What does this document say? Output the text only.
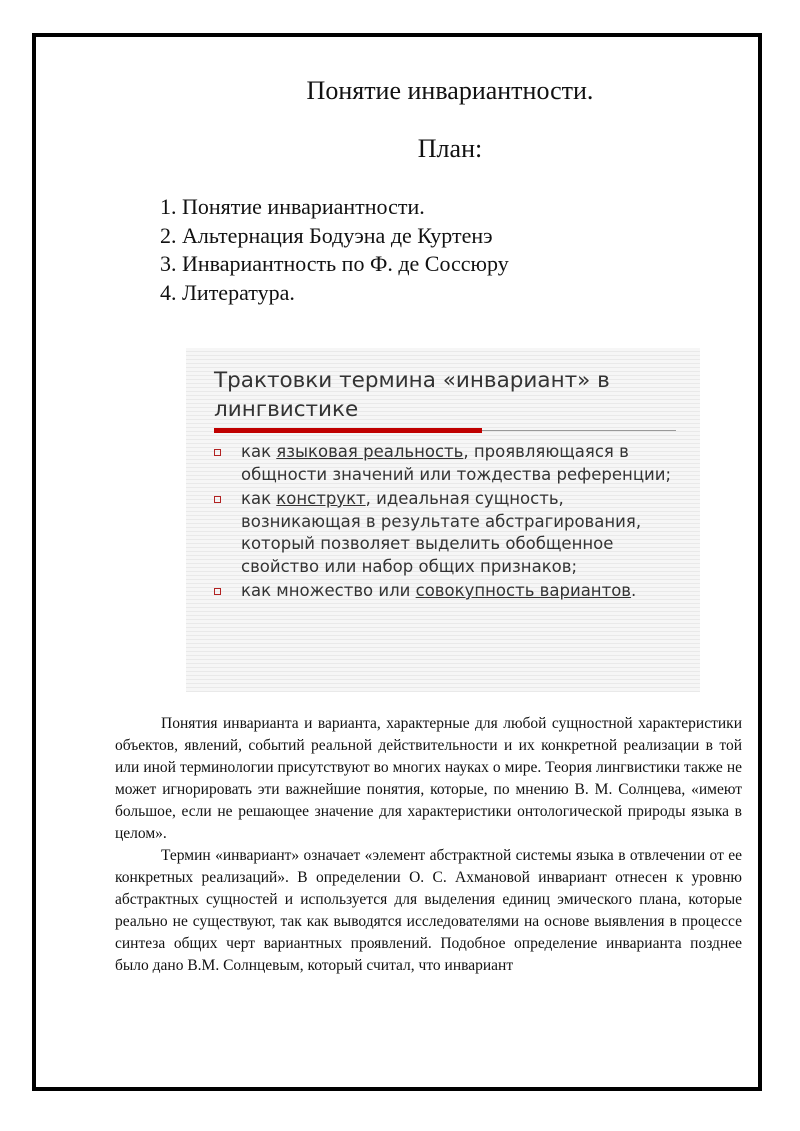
Понятие инвариантности.
План:
1. Понятие инвариантности.
2. Альтернация Бодуэна де Куртенэ
3. Инвариантность по Ф. де Соссюру
4. Литература.
Трактовки термина «инвариант» в лингвистике
как языковая реальность, проявляющаяся в общности значений или тождества референции;
как конструкт, идеальная сущность, возникающая в результате абстрагирования, который позволяет выделить обобщенное свойство или набор общих признаков;
как множество или совокупность вариантов.

Понятия инварианта и варианта, характерные для любой сущностной характеристики объектов, явлений, событий реальной действительности и их конкретной реализации в той или иной терминологии присутствуют во многих науках о мире. Теория лингвистики также не может игнорировать эти важнейшие понятия, которые, по мнению В. М. Солнцева, «имеют большое, если не решающее значение для характеристики онтологической природы языка в целом».

Термин «инвариант» означает «элемент абстрактной системы языка в отвлечении от ее конкретных реализаций». В определении О. С. Ахмановой инвариант отнесен к уровню абстрактных сущностей и используется для выделения единиц эмического плана, которые реально не существуют, так как выводятся исследователями на основе выявления в процессе синтеза общих черт вариантных проявлений. Подобное определение инварианта позднее было дано В.М. Солнцевым, который считал, что инвариант
